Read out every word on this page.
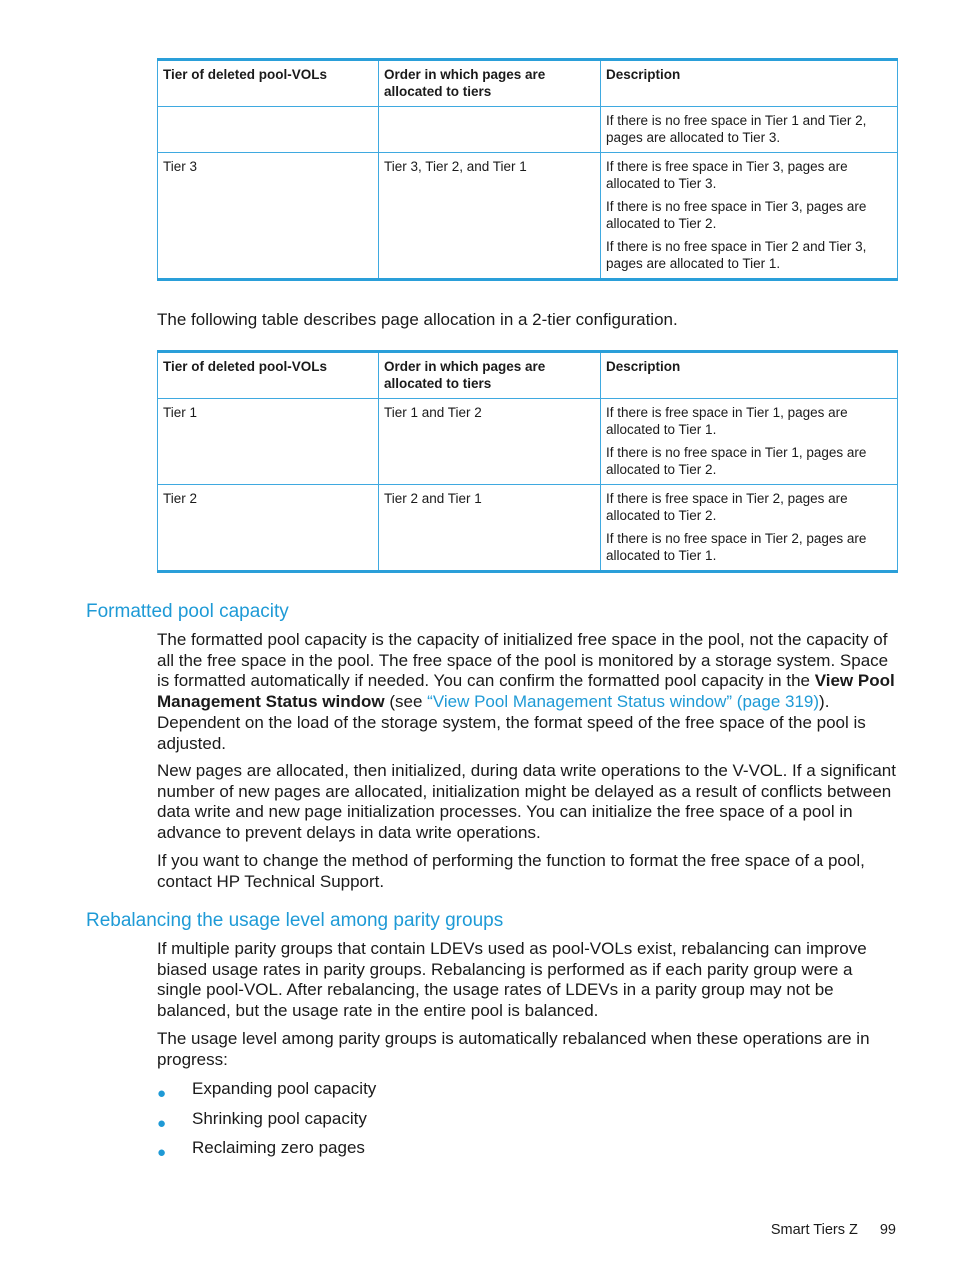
Tier of deleted pool-VOLs	Order in which pages are allocated to tiers	Description

		If there is no free space in Tier 1 and Tier 2, pages are allocated to Tier 3.

Tier 3	Tier 3, Tier 2, and Tier 1	If there is free space in Tier 3, pages are allocated to Tier 3.

If there is no free space in Tier 3, pages are allocated to Tier 2.

If there is no free space in Tier 2 and Tier 3, pages are allocated to Tier 1.

The following table describes page allocation in a 2-tier configuration.

Tier of deleted pool-VOLs	Order in which pages are allocated to tiers	Description
Tier 1	Tier 1 and Tier 2	If there is free space in Tier 1, pages are allocated to Tier 1.

If there is no free space in Tier 1, pages are allocated to Tier 2.

Tier 2	Tier 2 and Tier 1	If there is free space in Tier 2, pages are allocated to Tier 2.

If there is no free space in Tier 2, pages are allocated to Tier 1.

Formatted pool capacity

The formatted pool capacity is the capacity of initialized free space in the pool, not the capacity of all the free space in the pool. The free space of the pool is monitored by a storage system. Space is formatted automatically if needed. You can confirm the formatted pool capacity in the View Pool Management Status window (see “View Pool Management Status window” (page 319)). Dependent on the load of the storage system, the format speed of the free space of the pool is adjusted.

New pages are allocated, then initialized, during data write operations to the V-VOL. If a significant number of new pages are allocated, initialization might be delayed as a result of conflicts between data write and new page initialization processes. You can initialize the free space of a pool in advance to prevent delays in data write operations.

If you want to change the method of performing the function to format the free space of a pool, contact HP Technical Support.

Rebalancing the usage level among parity groups

If multiple parity groups that contain LDEVs used as pool-VOLs exist, rebalancing can improve biased usage rates in parity groups. Rebalancing is performed as if each parity group were a single pool-VOL. After rebalancing, the usage rates of LDEVs in a parity group may not be balanced, but the usage rate in the entire pool is balanced.

The usage level among parity groups is automatically rebalanced when these operations are in progress:

● Expanding pool capacity
● Shrinking pool capacity
● Reclaiming zero pages
Smart Tiers Z 99
